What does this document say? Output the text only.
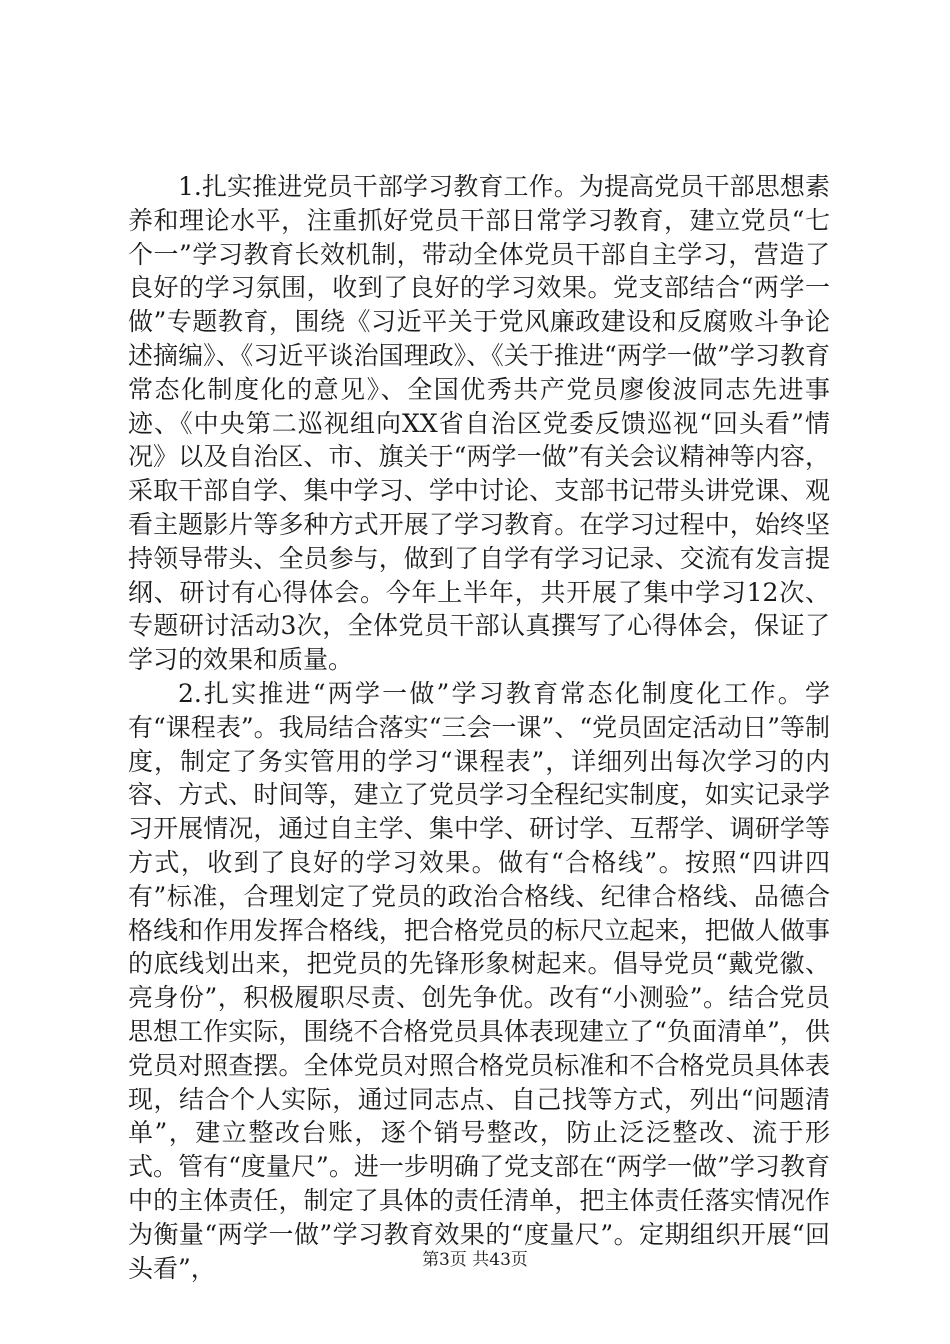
1.扎实推进党员干部学习教育工作。为提高党员干部思想素养和理论水平，注重抓好党员干部日常学习教育，建立党员“七个一”学习教育长效机制，带动全体党员干部自主学习，营造了良好的学习氛围，收到了良好的学习效果。党支部结合“两学一做”专题教育，围绕《习近平关于党风廉政建设和反腐败斗争论述摘编》、《习近平谈治国理政》、《关于推进“两学一做”学习教育常态化制度化的意见》、全国优秀共产党员廖俊波同志先进事迹、《中央第二巡视组向XX省自治区党委反馈巡视“回头看”情况》以及自治区、市、旗关于“两学一做”有关会议精神等内容，采取干部自学、集中学习、学中讨论、支部书记带头讲党课、观看主题影片等多种方式开展了学习教育。在学习过程中，始终坚持领导带头、全员参与，做到了自学有学习记录、交流有发言提纲、研讨有心得体会。今年上半年，共开展了集中学习12次、专题研讨活动3次，全体党员干部认真撰写了心得体会，保证了学习的效果和质量。

2.扎实推进“两学一做”学习教育常态化制度化工作。学有“课程表”。我局结合落实“三会一课”、“党员固定活动日”等制度，制定了务实管用的学习“课程表”，详细列出每次学习的内容、方式、时间等，建立了党员学习全程纪实制度，如实记录学习开展情况，通过自主学、集中学、研讨学、互帮学、调研学等方式，收到了良好的学习效果。做有“合格线”。按照“四讲四有”标准，合理划定了党员的政治合格线、纪律合格线、品德合格线和作用发挥合格线，把合格党员的标尺立起来，把做人做事的底线划出来，把党员的先锋形象树起来。倡导党员“戴党徽、亮身份”，积极履职尽责、创先争优。改有“小测验”。结合党员思想工作实际，围绕不合格党员具体表现建立了“负面清单”，供党员对照查摆。全体党员对照合格党员标准和不合格党员具体表现，结合个人实际，通过同志点、自己找等方式，列出“问题清单”，建立整改台账，逐个销号整改，防止泛泛整改、流于形式。管有“度量尺”。进一步明确了党支部在“两学一做”学习教育中的主体责任，制定了具体的责任清单，把主体责任落实情况作为衡量“两学一做”学习教育效果的“度量尺”。定期组织开展“回头看”，	第3页 共43页
